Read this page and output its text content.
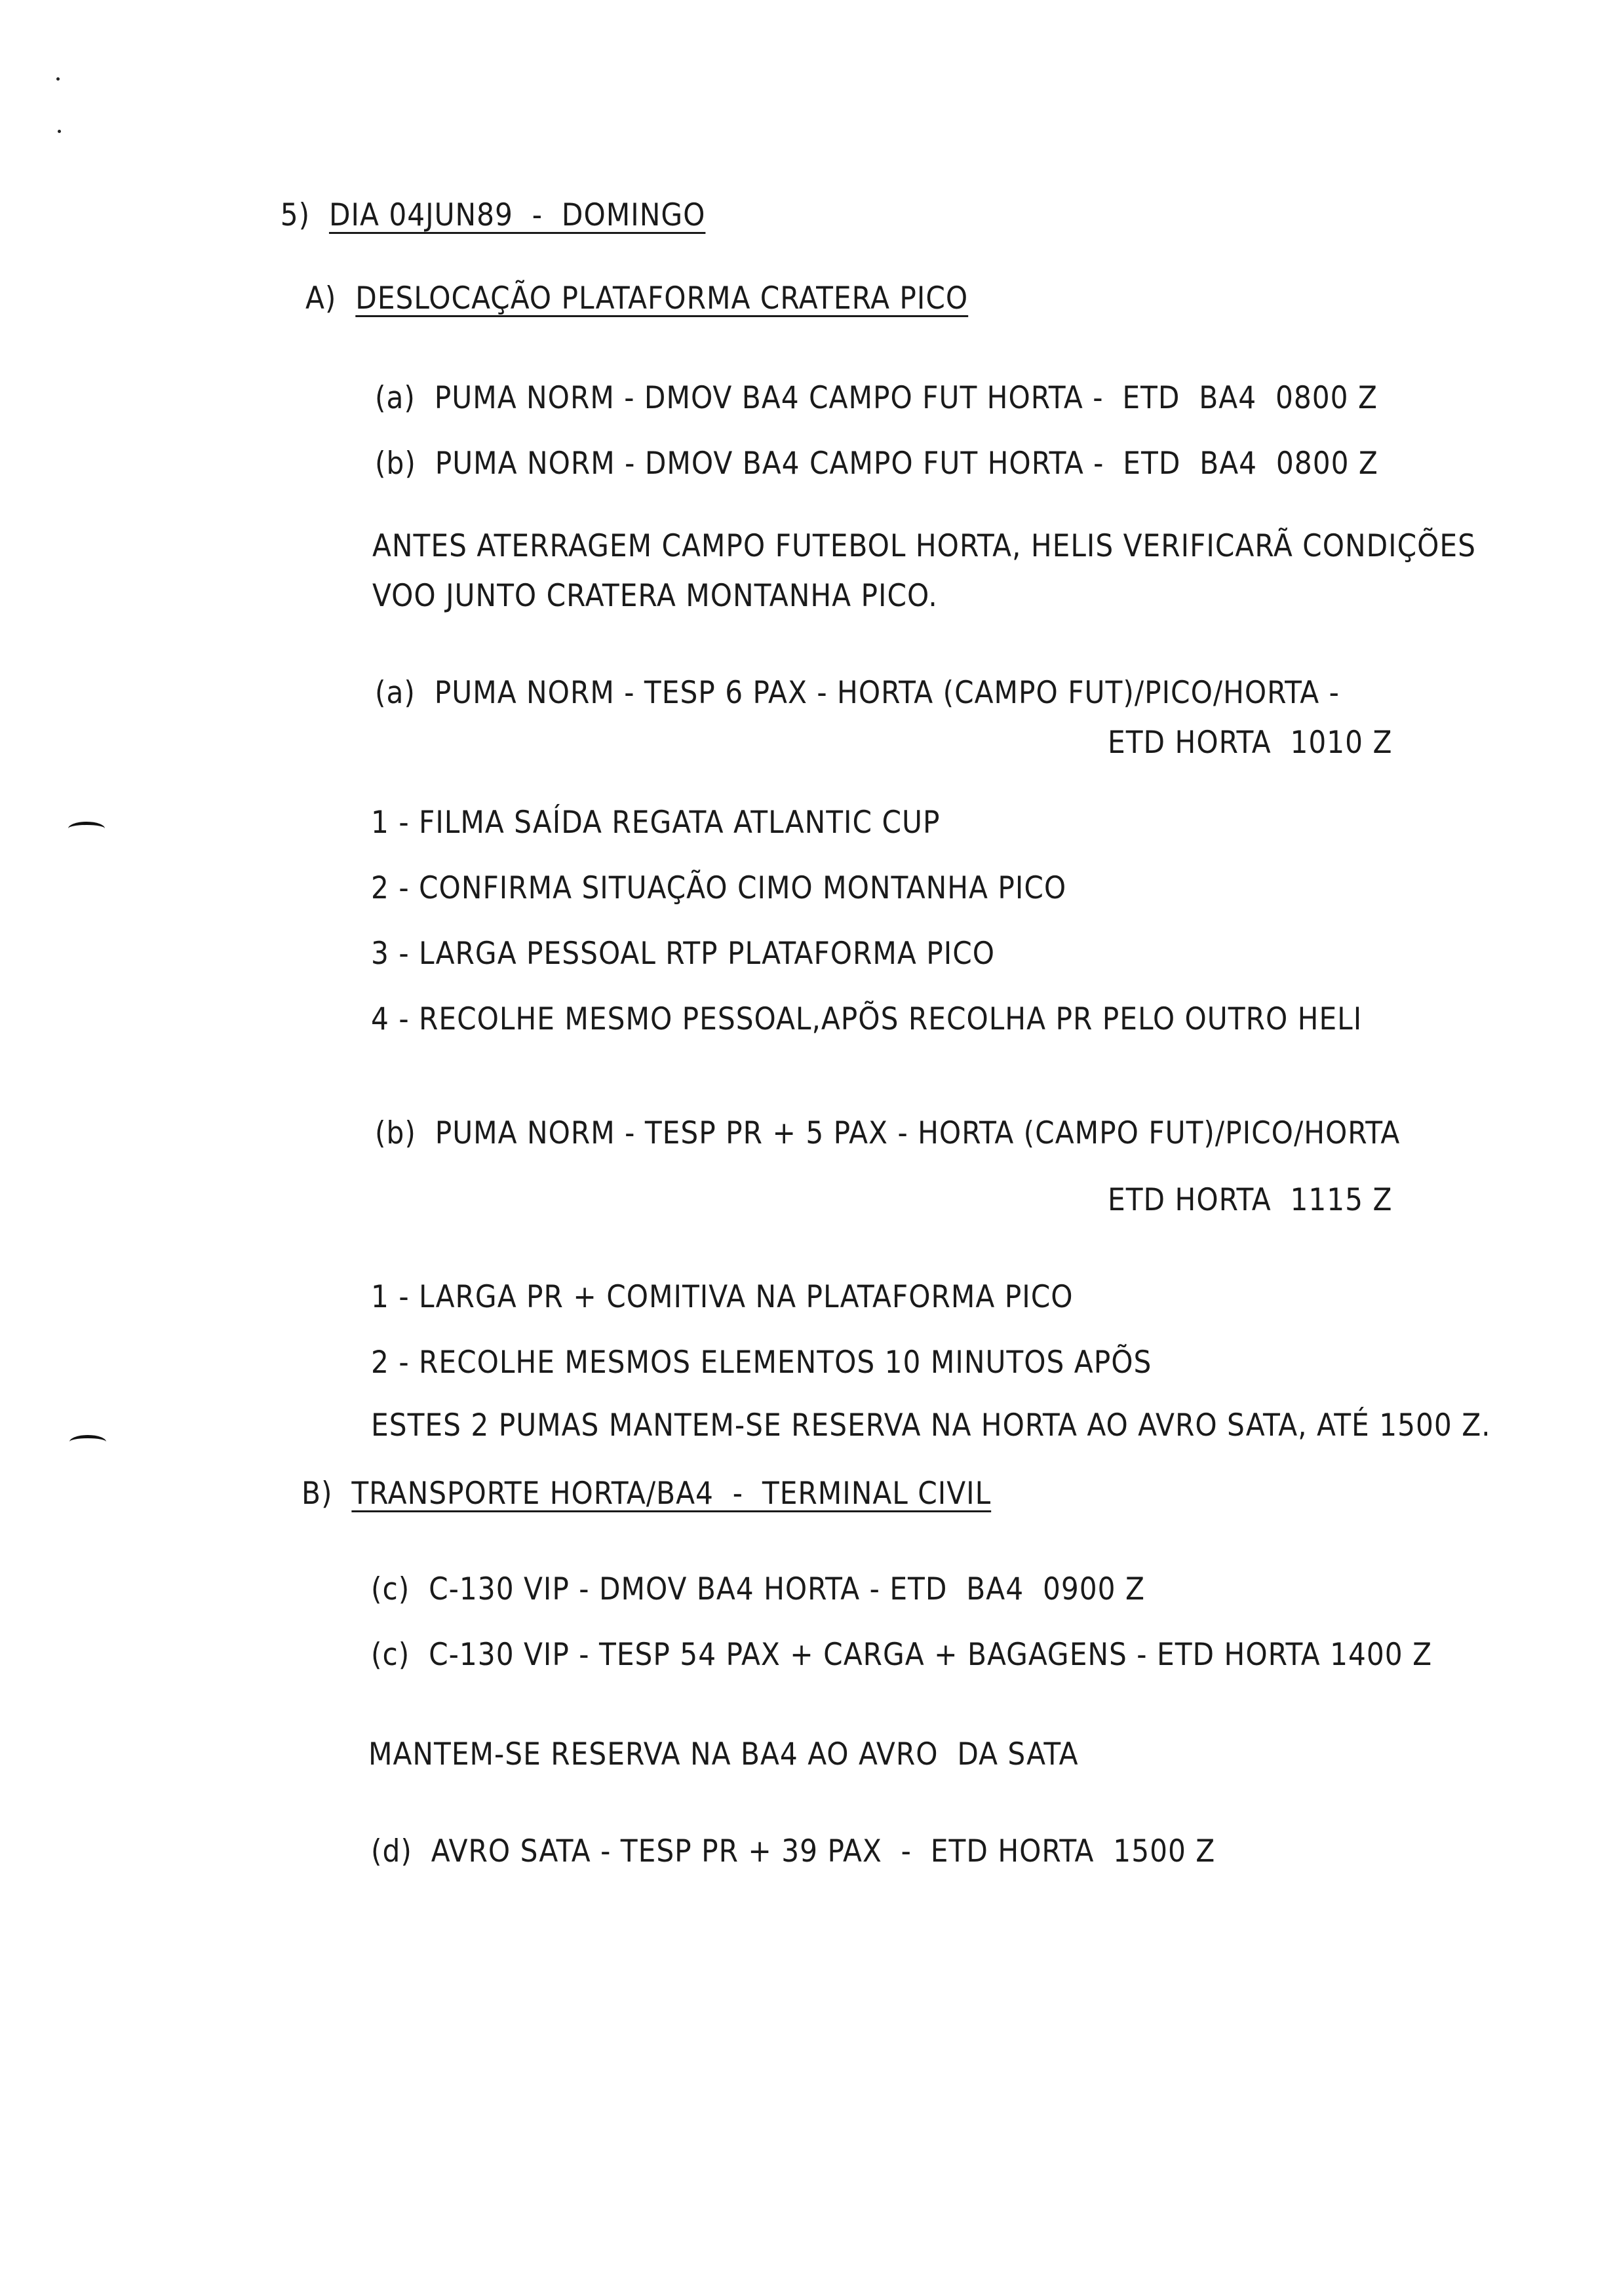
5)  DIA 04JUN89  -  DOMINGO

A)  DESLOCAÇÃO PLATAFORMA CRATERA PICO
(a)  PUMA NORM - DMOV BA4 CAMPO FUT HORTA -  ETD  BA4  0800 Z
(b)  PUMA NORM - DMOV BA4 CAMPO FUT HORTA -  ETD  BA4  0800 Z
ANTES ATERRAGEM CAMPO FUTEBOL HORTA, HELIS VERIFICARÃ CONDIÇÕES
VOO JUNTO CRATERA MONTANHA PICO.
(a)  PUMA NORM - TESP 6 PAX - HORTA (CAMPO FUT)/PICO/HORTA -
ETD HORTA  1010 Z
1 - FILMA SAÍDA REGATA ATLANTIC CUP
2 - CONFIRMA SITUAÇÃO CIMO MONTANHA PICO
3 - LARGA PESSOAL RTP PLATAFORMA PICO
4 - RECOLHE MESMO PESSOAL,APÕS RECOLHA PR PELO OUTRO HELI
(b)  PUMA NORM - TESP PR + 5 PAX - HORTA (CAMPO FUT)/PICO/HORTA
ETD HORTA  1115 Z
1 - LARGA PR + COMITIVA NA PLATAFORMA PICO
2 - RECOLHE MESMOS ELEMENTOS 10 MINUTOS APÕS
ESTES 2 PUMAS MANTEM-SE RESERVA NA HORTA AO AVRO SATA, ATÉ 1500 Z.
B)  TRANSPORTE HORTA/BA4  -  TERMINAL CIVIL
(c)  C-130 VIP - DMOV BA4 HORTA - ETD  BA4  0900 Z
(c)  C-130 VIP - TESP 54 PAX + CARGA + BAGAGENS - ETD HORTA 1400 Z
MANTEM-SE RESERVA NA BA4 AO AVRO  DA SATA
(d)  AVRO SATA - TESP PR + 39 PAX  -  ETD HORTA  1500 Z
